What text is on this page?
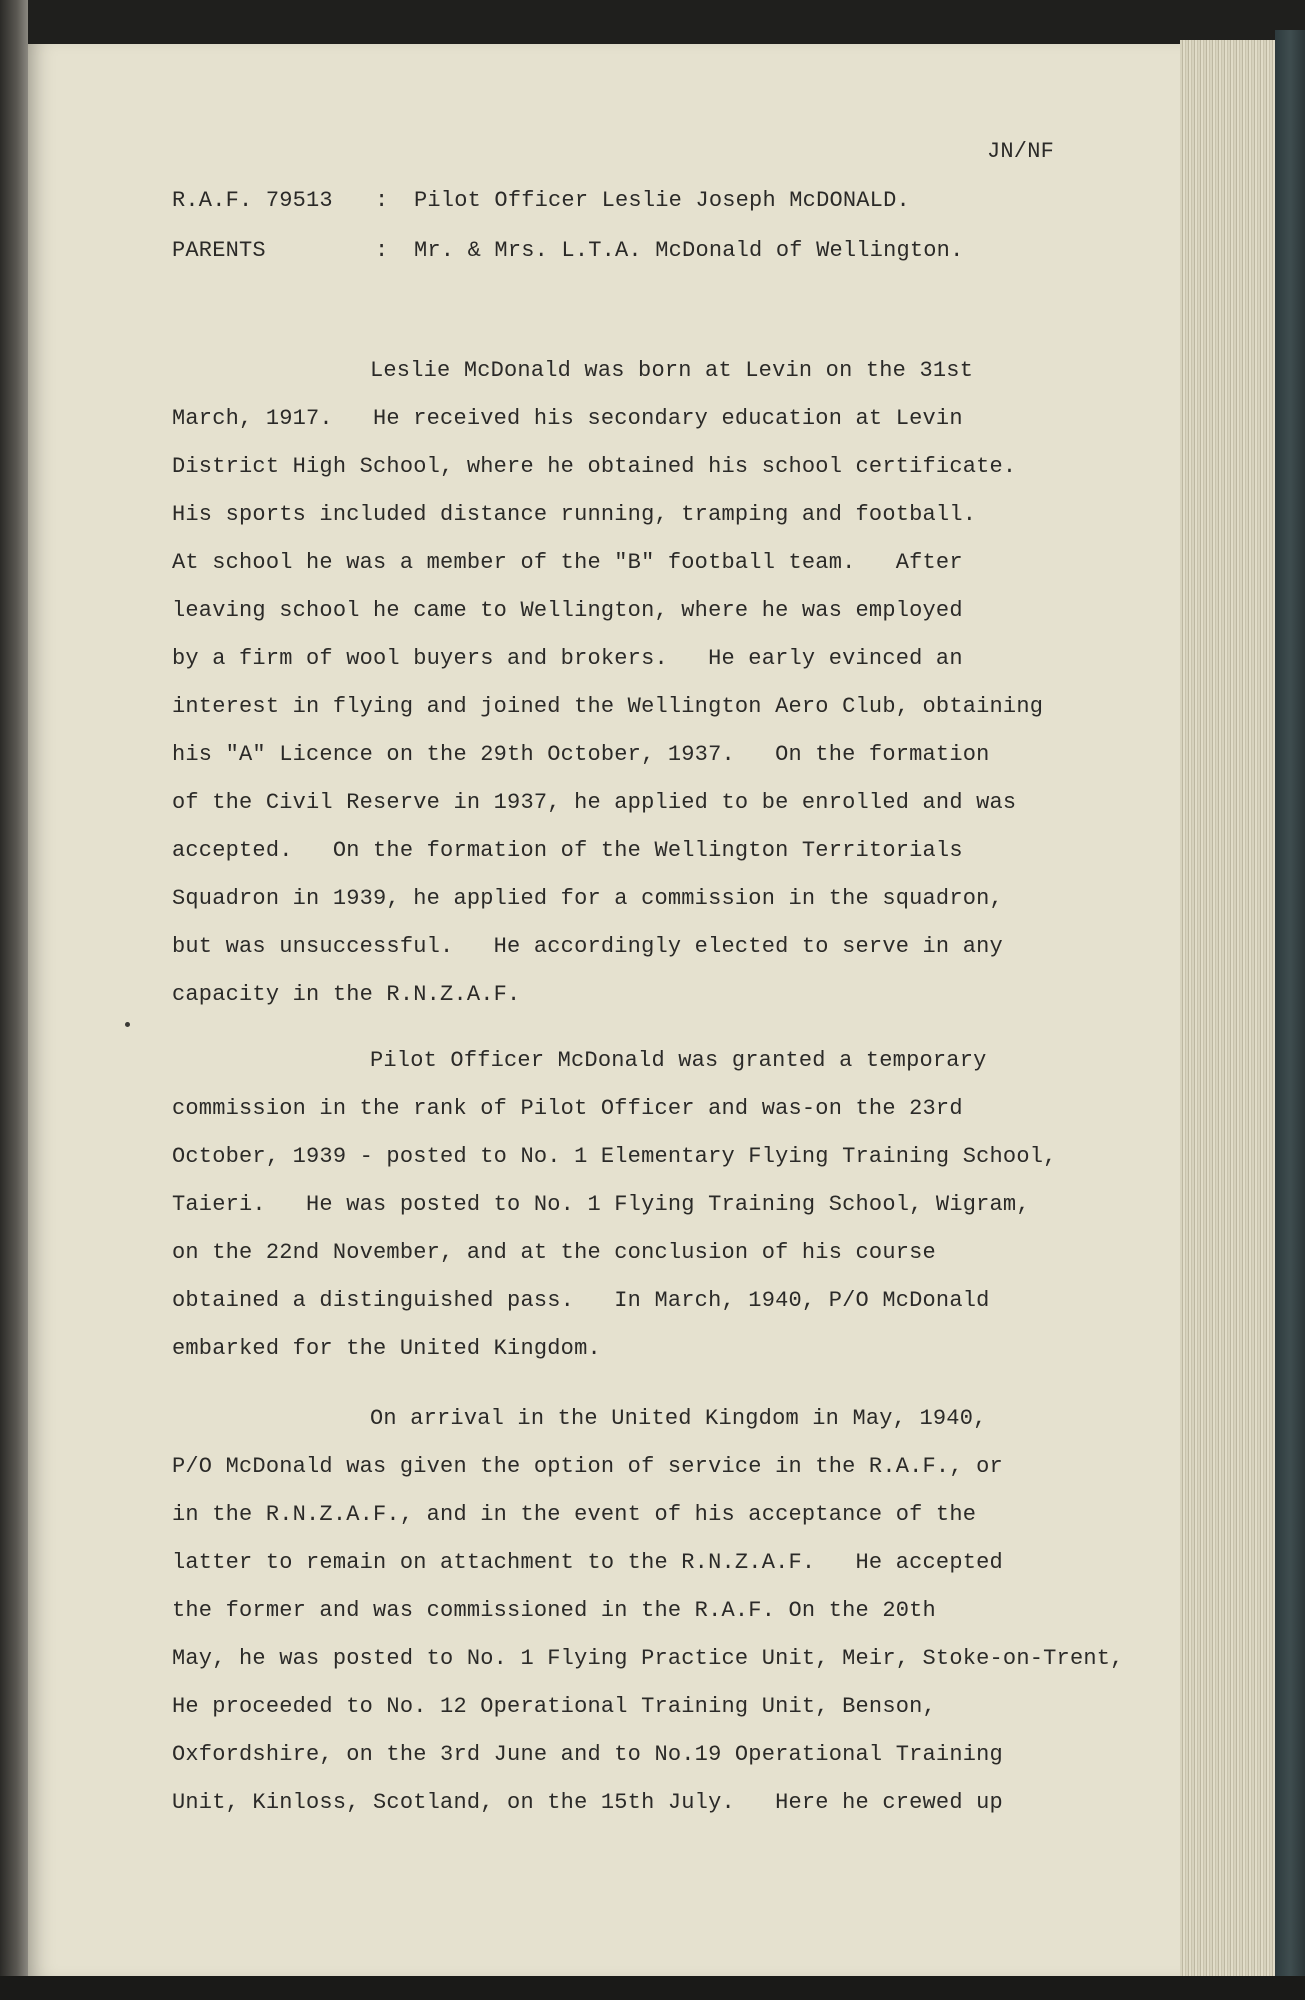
JN/NF
R.A.F. 79513 : Pilot Officer Leslie Joseph McDONALD.
PARENTS	: Mr. & Mrs. L.T.A. McDonald of Wellington.
Leslie McDonald was born at Levin on the 31st
March, 1917.   He received his secondary education at Levin
District High School, where he obtained his school certificate.
His sports included distance running, tramping and football.
At school he was a member of the "B" football team.   After
leaving school he came to Wellington, where he was employed
by a firm of wool buyers and brokers.   He early evinced an
interest in flying and joined the Wellington Aero Club, obtaining
his "A" Licence on the 29th October, 1937.   On the formation
of the Civil Reserve in 1937, he applied to be enrolled and was
accepted.   On the formation of the Wellington Territorials
Squadron in 1939, he applied for a commission in the squadron,
but was unsuccessful.   He accordingly elected to serve in any
capacity in the R.N.Z.A.F.
Pilot Officer McDonald was granted a temporary
commission in the rank of Pilot Officer and was-on the 23rd
October, 1939 - posted to No. 1 Elementary Flying Training School,
Taieri.   He was posted to No. 1 Flying Training School, Wigram,
on the 22nd November, and at the conclusion of his course
obtained a distinguished pass.   In March, 1940, P/O McDonald
embarked for the United Kingdom.
On arrival in the United Kingdom in May, 1940,
P/O McDonald was given the option of service in the R.A.F., or
in the R.N.Z.A.F., and in the event of his acceptance of the
latter to remain on attachment to the R.N.Z.A.F.   He accepted
the former and was commissioned in the R.A.F. On the 20th
May, he was posted to No. 1 Flying Practice Unit, Meir, Stoke-on-Trent,
He proceeded to No. 12 Operational Training Unit, Benson,
Oxfordshire, on the 3rd June and to No.19 Operational Training
Unit, Kinloss, Scotland, on the 15th July.   Here he crewed up
